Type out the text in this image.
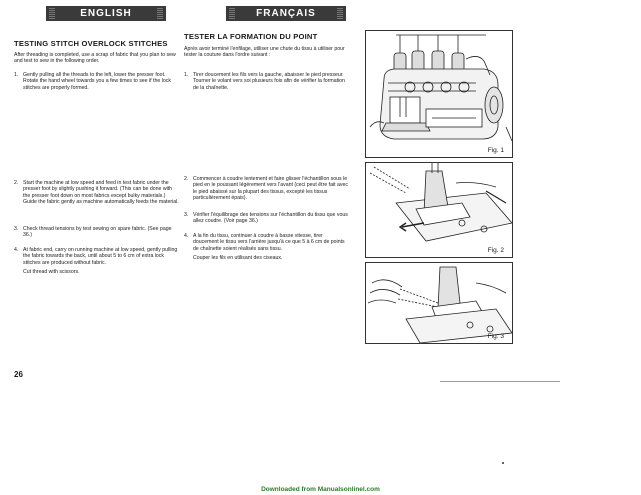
ENGLISH	FRANÇAIS
TESTING STITCH OVERLOCK STITCHES
After threading is completed, use a scrap of fabric that you plan to sew and test to sew in the following order.
1. Gently pulling all the threads to the left, lower the presser foot. Rotate the hand wheel towards you a few times to see if the lock stitches are properly formed.
2. Start the machine at low speed and feed in test fabric under the presser foot by slightly pushing it forward. (This can be done with the presser foot down on most fabrics except bulky materials.)
Guide the fabric gently as machine automatically feeds the material.
3. Check thread tensions by test sewing on spare fabric. (See page 36.)
4. At fabric end, carry on running machine at low speed, gently pulling the fabric towards the back, until about 5 to 6 cm of extra lock stitches are produced without fabric.
Cut thread with scissors.
TESTER LA FORMATION DU POINT
Après avoir terminé l'enfilage, utiliser une chute du tissu à utiliser pour tester la couture dans l'ordre suivant :
1. Tirer doucement les fils vers la gauche, abaisser le pied presseur. Tourner le volant vers soi plusieurs fois afin de vérifier la formation de la chaînette.
2. Commencer à coudre lentement et faire glisser l'échantillon sous le pied en le poussant légèrement vers l'avant (ceci peut être fait avec le pied abaissé sur la plupart des tissus, excepté les tissus particulièrement épais).
3. Vérifier l'équilibrage des tensions sur l'échantillon du tissu que vous allez coudre. (Voir page 36.)
4. A la fin du tissu, continuer à coudre à basse vitesse, tirer doucement le tissu vers l'arrière jusqu'à ce que 5 à 6 cm de points de chaînette soient réalisés sans tissu.
Couper les fils en utilisant des ciseaux.
Fig. 1
Fig. 2
Fig. 3
26
Downloaded from Manualsonlinel.com
